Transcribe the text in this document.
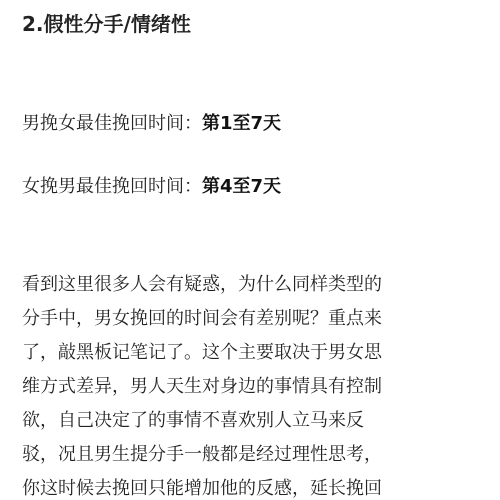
2.假性分手/情绪性

男挽女最佳挽回时间：第1至7天

女挽男最佳挽回时间：第4至7天

看到这里很多人会有疑惑，为什么同样类型的
分手中，男女挽回的时间会有差别呢？重点来
了，敲黑板记笔记了。这个主要取决于男女思
维方式差异，男人天生对身边的事情具有控制
欲，自己决定了的事情不喜欢别人立马来反
驳，况且男生提分手一般都是经过理性思考，
你这时候去挽回只能增加他的反感，延长挽回
